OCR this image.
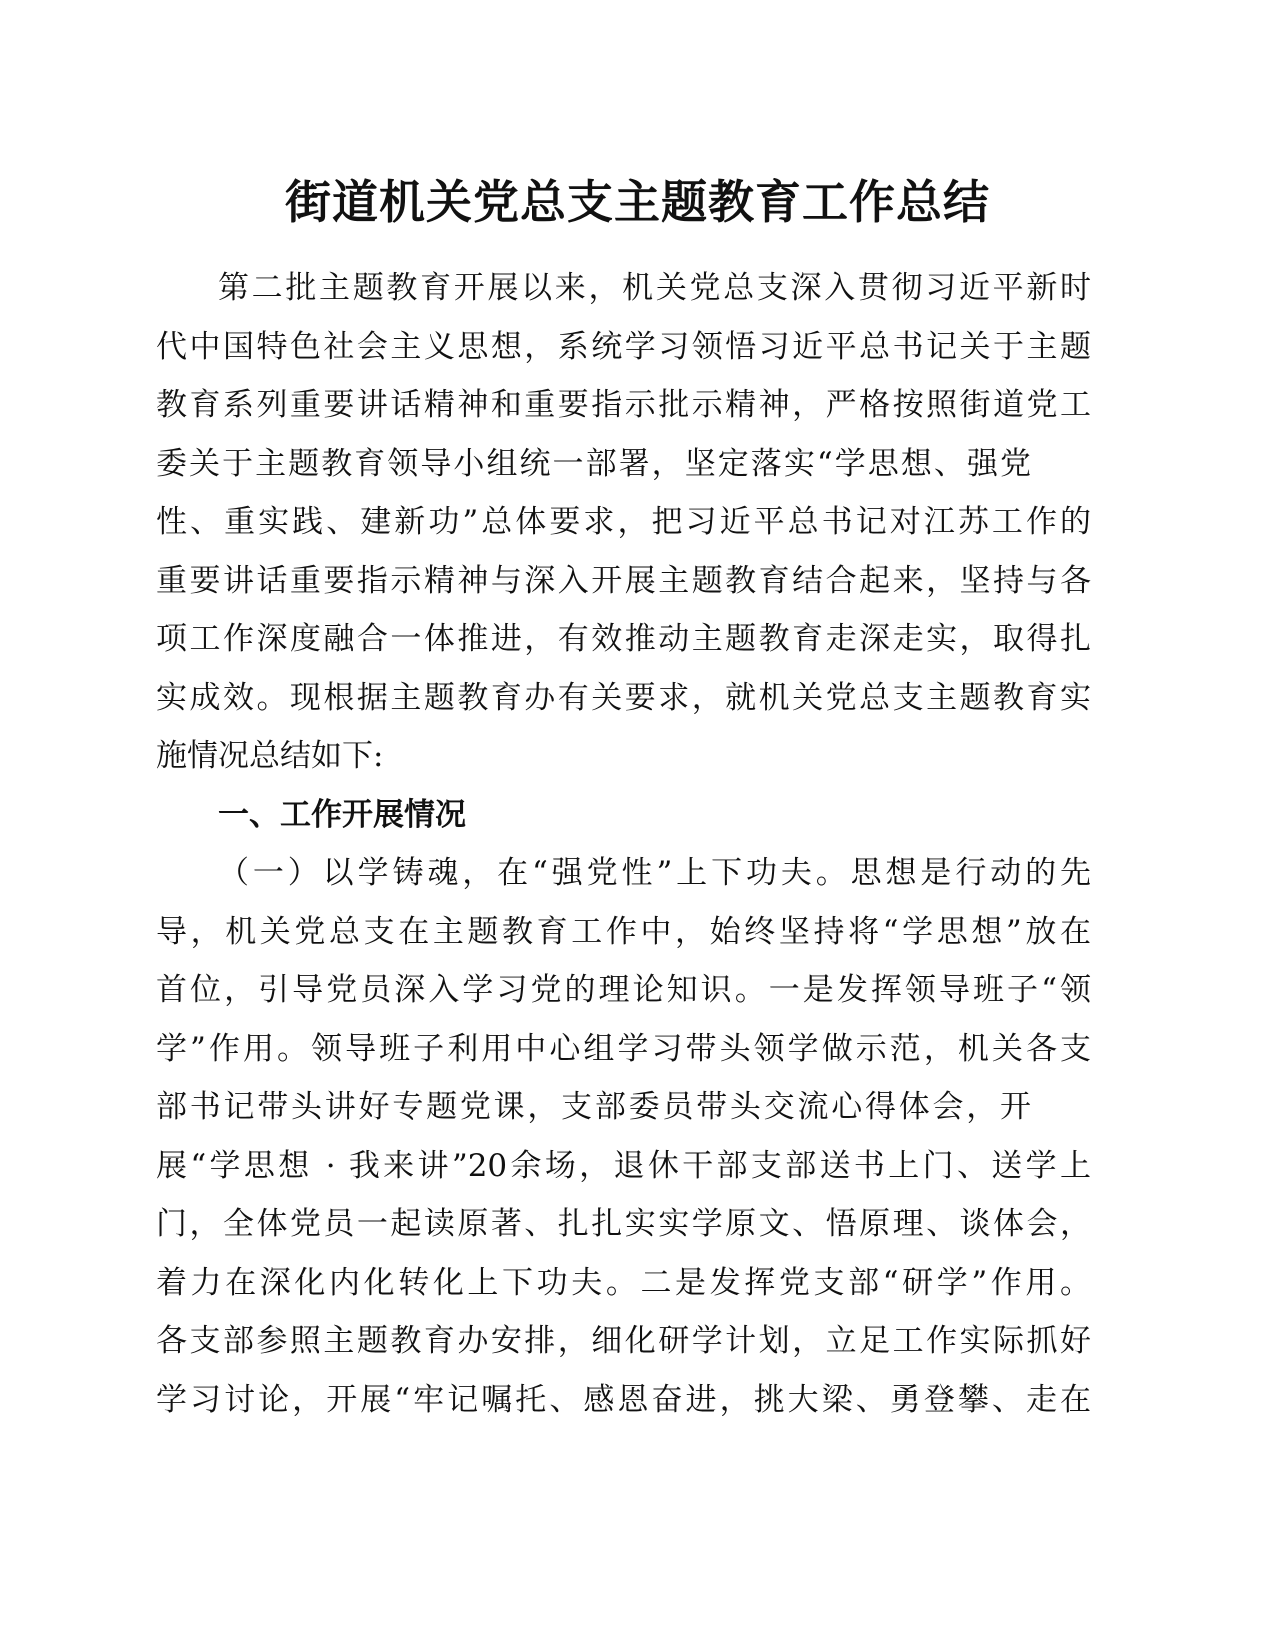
街道机关党总支主题教育工作总结
第二批主题教育开展以来，机关党总支深入贯彻习近平新时
代中国特色社会主义思想，系统学习领悟习近平总书记关于主题
教育系列重要讲话精神和重要指示批示精神，严格按照街道党工
委关于主题教育领导小组统一部署，坚定落实“学思想、强党
性、重实践、建新功”总体要求，把习近平总书记对江苏工作的
重要讲话重要指示精神与深入开展主题教育结合起来，坚持与各
项工作深度融合一体推进，有效推动主题教育走深走实，取得扎
实成效。现根据主题教育办有关要求，就机关党总支主题教育实
施情况总结如下:
一、工作开展情况
（一）以学铸魂，在“强党性”上下功夫。思想是行动的先
导，机关党总支在主题教育工作中，始终坚持将“学思想”放在
首位，引导党员深入学习党的理论知识。一是发挥领导班子“领
学”作用。领导班子利用中心组学习带头领学做示范，机关各支
部书记带头讲好专题党课，支部委员带头交流心得体会，开
展“学思想 · 我来讲”20余场，退休干部支部送书上门、送学上
门，全体党员一起读原著、扎扎实实学原文、悟原理、谈体会，
着力在深化内化转化上下功夫。二是发挥党支部“研学”作用。
各支部参照主题教育办安排，细化研学计划，立足工作实际抓好
学习讨论，开展“牢记嘱托、感恩奋进，挑大梁、勇登攀、走在
